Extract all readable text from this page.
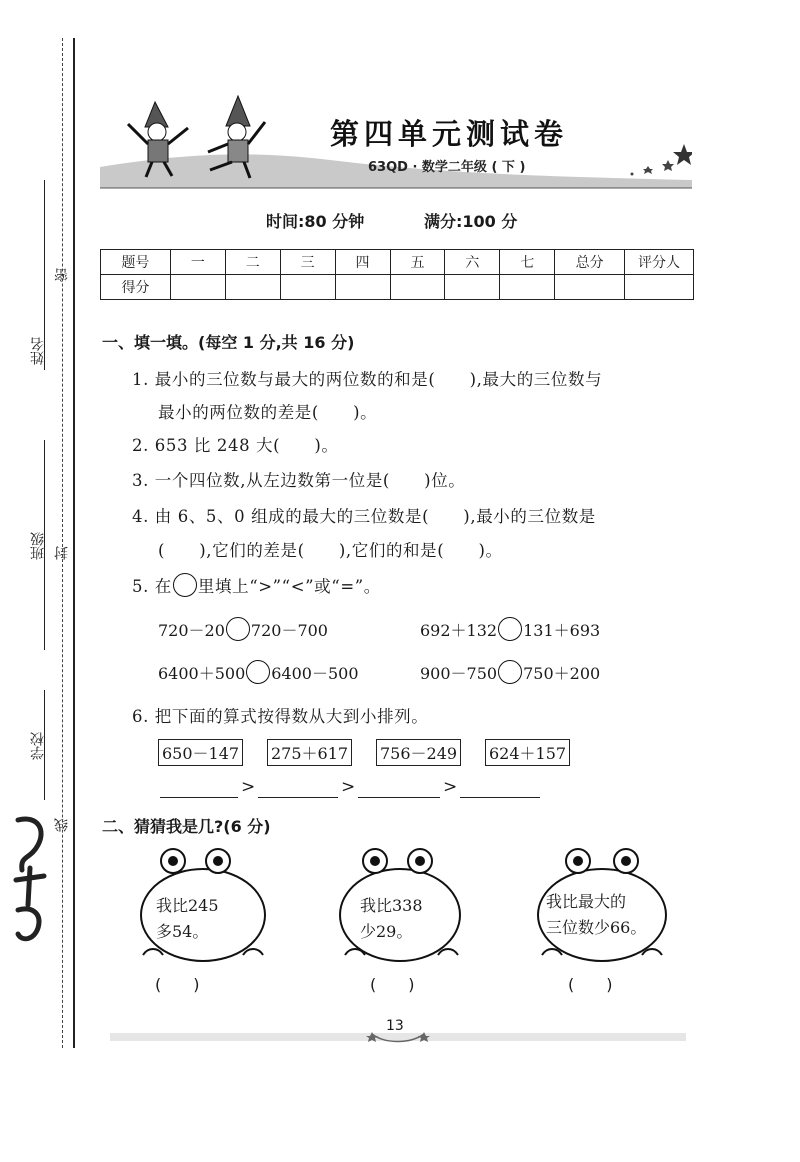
姓名
班级
学校
密
封
线
第四单元测试卷
63QD · 数学二年级 ( 下 )
时间:80 分钟	满分:100 分
题号	一	二	三	四	五	六	七	总分	评分人
得分									
一、填一填。(每空 1 分,共 16 分)
1. 最小的三位数与最大的两位数的和是(　　),最大的三位数与
最小的两位数的差是(　　)。
2. 653 比 248 大(　　)。
3. 一个四位数,从左边数第一位是(　　)位。
4. 由 6、5、0 组成的最大的三位数是(　　),最小的三位数是
(　　),它们的差是(　　),它们的和是(　　)。
5. 在 里填上“>”“<”或“=”。
720－20 720－700	692＋132 131＋693
6400＋500 6400－500	900－750 750＋200
6. 把下面的算式按得数从大到小排列。
650－147 275＋617 756－249 624＋157
>	>	>
二、猜猜我是几?(6 分)
我比245
多54。
(　　)
我比338
少29。
(　　)
我比最大的
三位数少66。
(　　)
13
